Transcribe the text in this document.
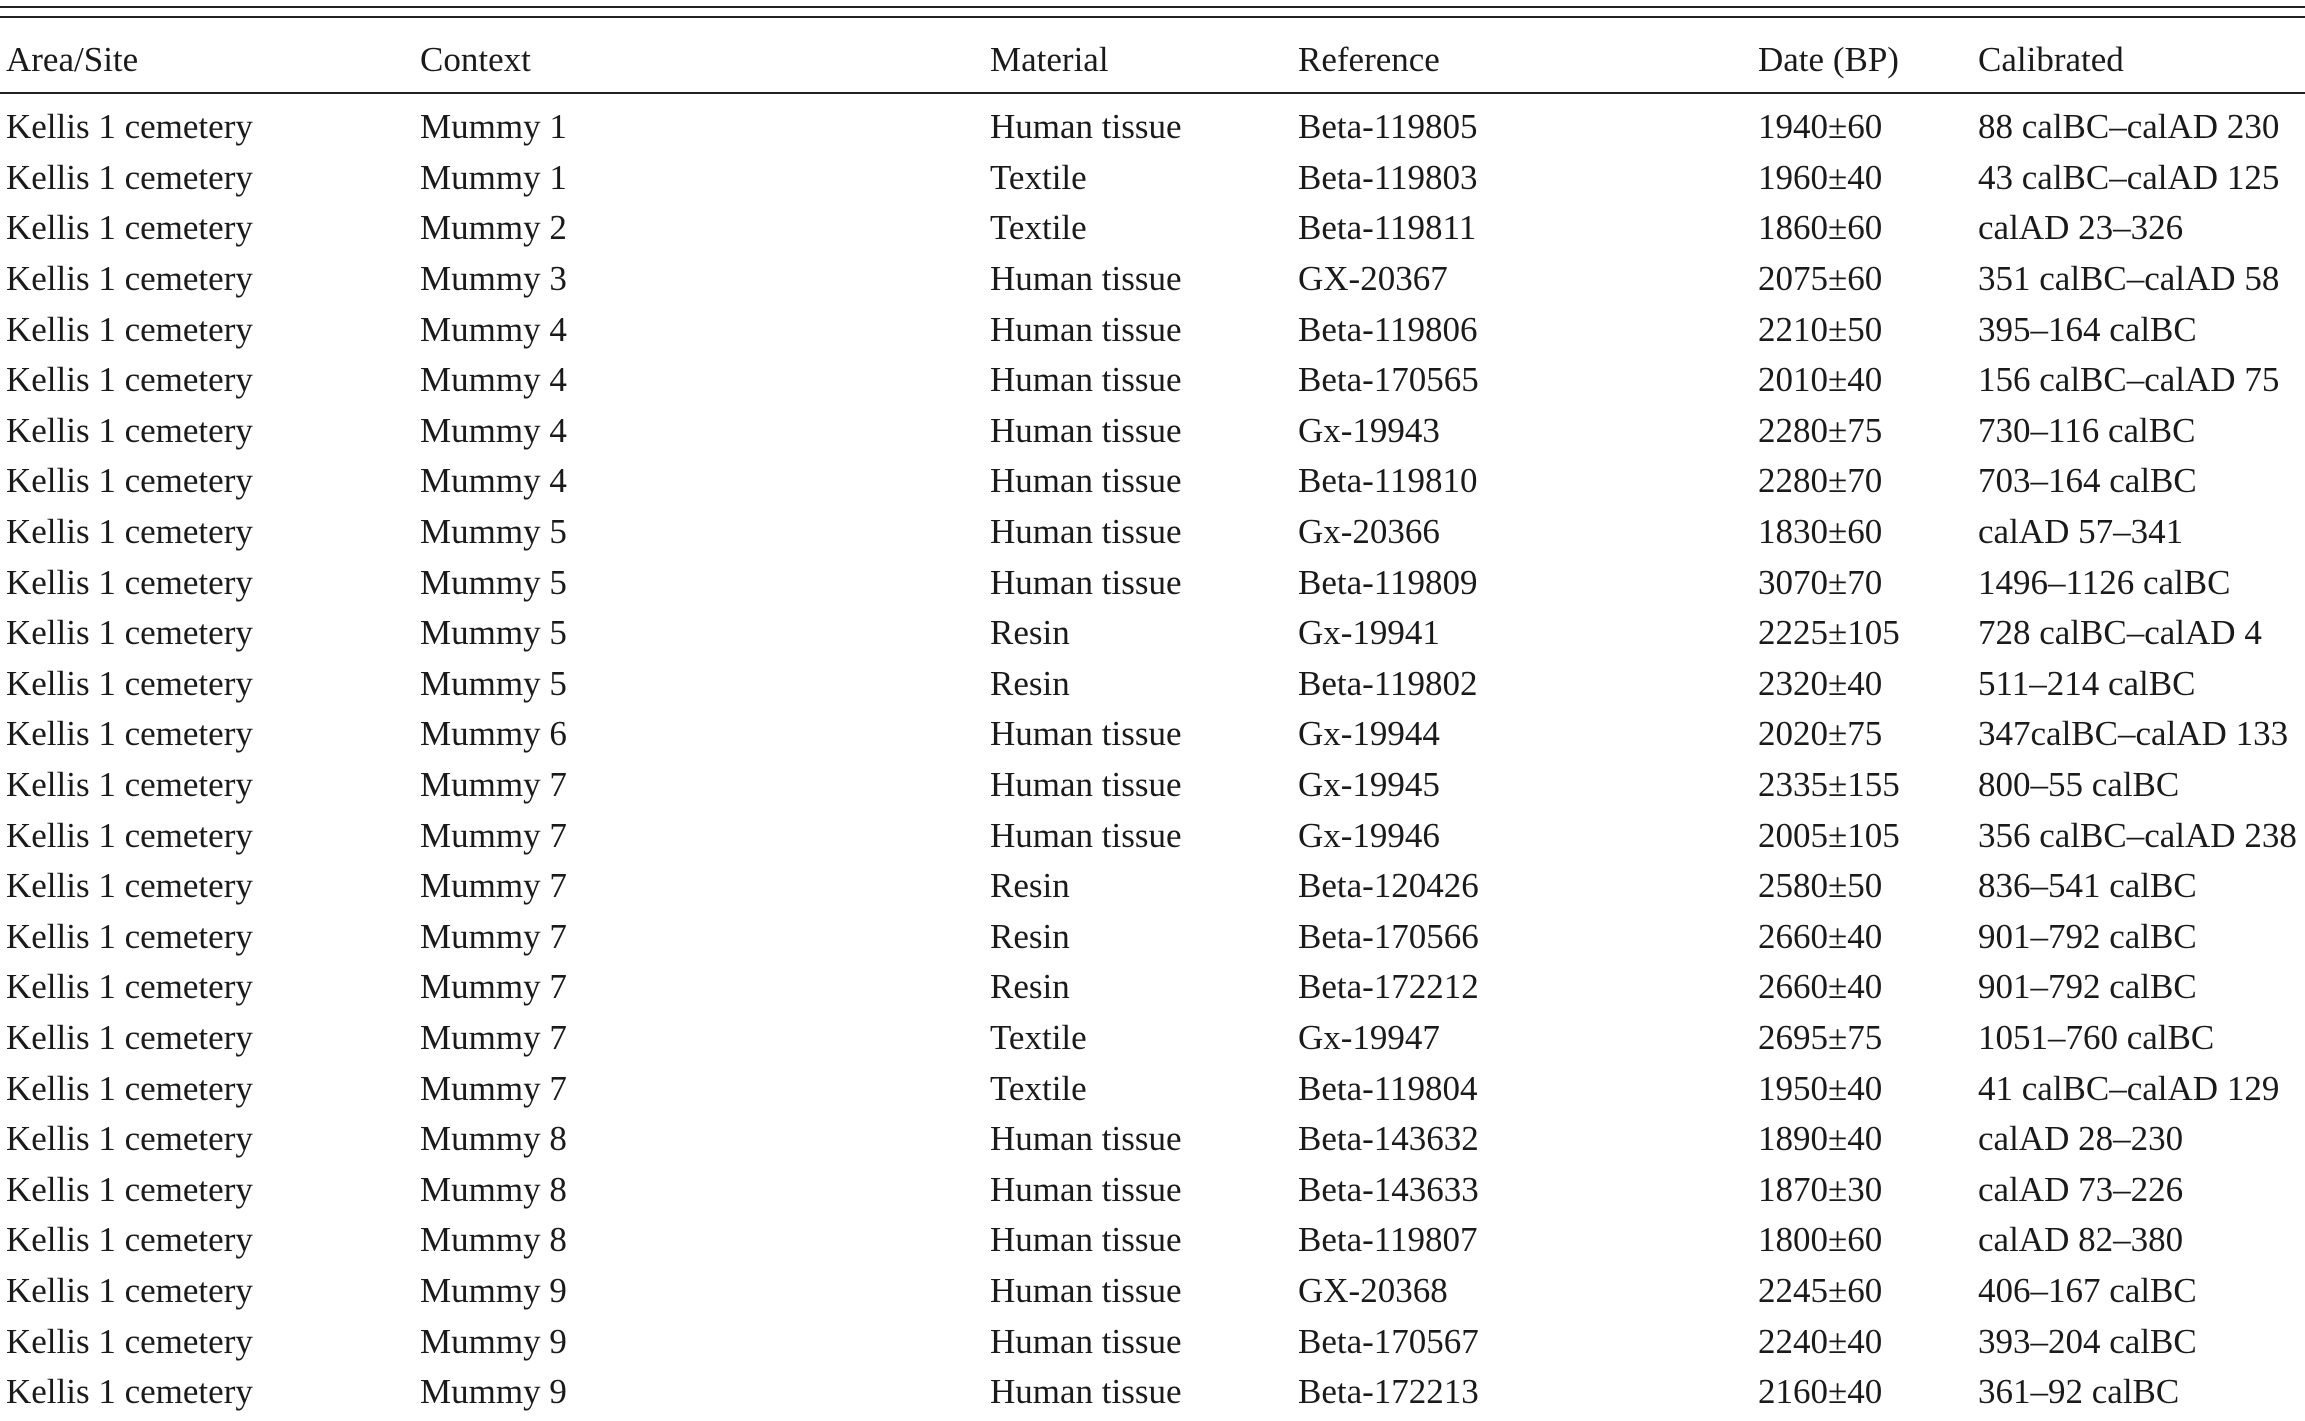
Area/Site	Context	Material	Reference	Date (BP)	Calibrated

Kellis 1 cemetery	Mummy 1	Human tissue	Beta-119805	1940±60	88 calBC–calAD 230
Kellis 1 cemetery	Mummy 1	Textile	Beta-119803	1960±40	43 calBC–calAD 125
Kellis 1 cemetery	Mummy 2	Textile	Beta-119811	1860±60	calAD 23–326
Kellis 1 cemetery	Mummy 3	Human tissue	GX-20367	2075±60	351 calBC–calAD 58
Kellis 1 cemetery	Mummy 4	Human tissue	Beta-119806	2210±50	395–164 calBC
Kellis 1 cemetery	Mummy 4	Human tissue	Beta-170565	2010±40	156 calBC–calAD 75
Kellis 1 cemetery	Mummy 4	Human tissue	Gx-19943	2280±75	730–116 calBC
Kellis 1 cemetery	Mummy 4	Human tissue	Beta-119810	2280±70	703–164 calBC
Kellis 1 cemetery	Mummy 5	Human tissue	Gx-20366	1830±60	calAD 57–341
Kellis 1 cemetery	Mummy 5	Human tissue	Beta-119809	3070±70	1496–1126 calBC
Kellis 1 cemetery	Mummy 5	Resin	Gx-19941	2225±105	728 calBC–calAD 4
Kellis 1 cemetery	Mummy 5	Resin	Beta-119802	2320±40	511–214 calBC
Kellis 1 cemetery	Mummy 6	Human tissue	Gx-19944	2020±75	347calBC–calAD 133
Kellis 1 cemetery	Mummy 7	Human tissue	Gx-19945	2335±155	800–55 calBC
Kellis 1 cemetery	Mummy 7	Human tissue	Gx-19946	2005±105	356 calBC–calAD 238
Kellis 1 cemetery	Mummy 7	Resin	Beta-120426	2580±50	836–541 calBC
Kellis 1 cemetery	Mummy 7	Resin	Beta-170566	2660±40	901–792 calBC
Kellis 1 cemetery	Mummy 7	Resin	Beta-172212	2660±40	901–792 calBC
Kellis 1 cemetery	Mummy 7	Textile	Gx-19947	2695±75	1051–760 calBC
Kellis 1 cemetery	Mummy 7	Textile	Beta-119804	1950±40	41 calBC–calAD 129
Kellis 1 cemetery	Mummy 8	Human tissue	Beta-143632	1890±40	calAD 28–230
Kellis 1 cemetery	Mummy 8	Human tissue	Beta-143633	1870±30	calAD 73–226
Kellis 1 cemetery	Mummy 8	Human tissue	Beta-119807	1800±60	calAD 82–380
Kellis 1 cemetery	Mummy 9	Human tissue	GX-20368	2245±60	406–167 calBC
Kellis 1 cemetery	Mummy 9	Human tissue	Beta-170567	2240±40	393–204 calBC
Kellis 1 cemetery	Mummy 9	Human tissue	Beta-172213	2160±40	361–92 calBC
